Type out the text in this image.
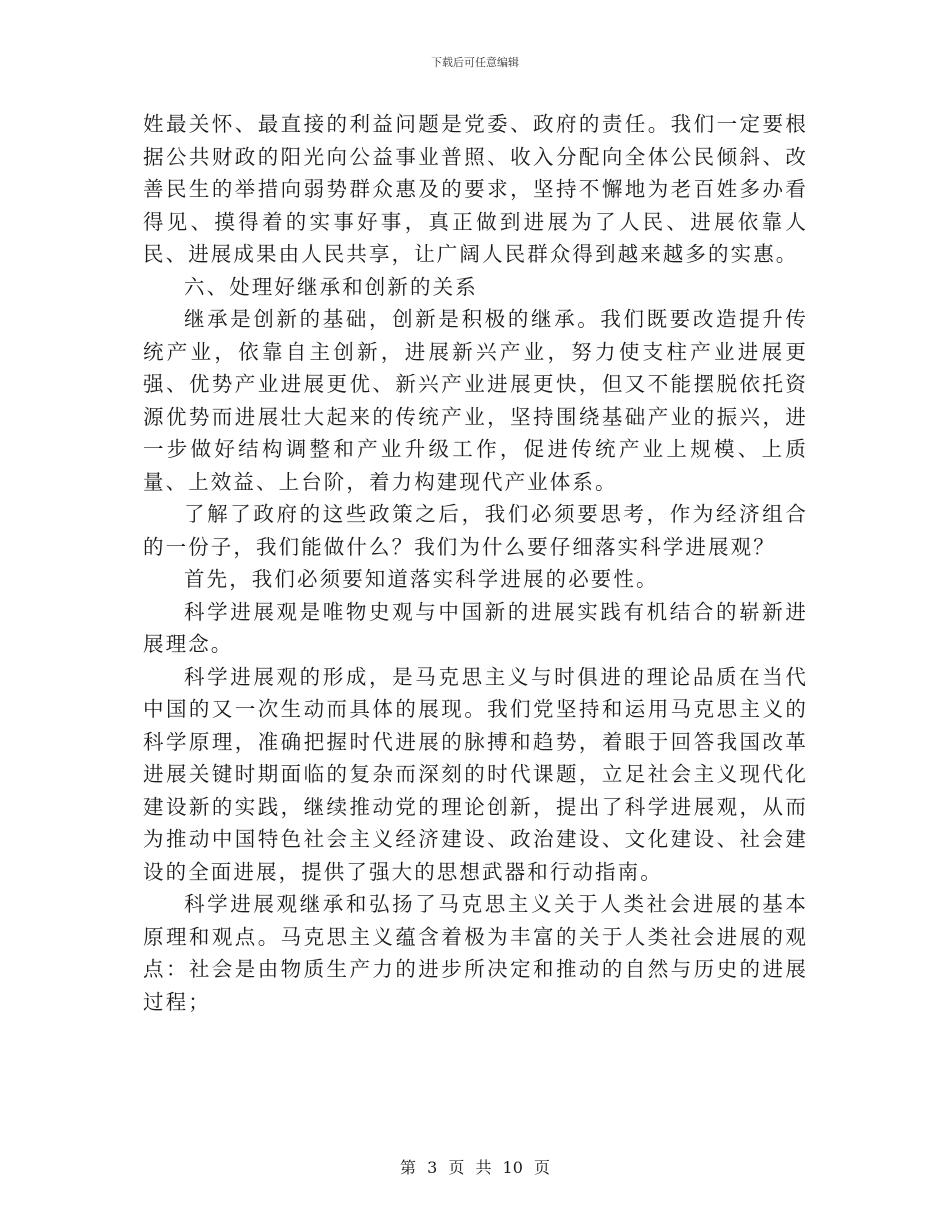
下载后可任意编辑

姓最关怀、最直接的利益问题是党委、政府的责任。我们一定要根据公共财政的阳光向公益事业普照、收入分配向全体公民倾斜、改善民生的举措向弱势群众惠及的要求，坚持不懈地为老百姓多办看得见、摸得着的实事好事，真正做到进展为了人民、进展依靠人民、进展成果由人民共享，让广阔人民群众得到越来越多的实惠。

六、处理好继承和创新的关系

继承是创新的基础，创新是积极的继承。我们既要改造提升传统产业，依靠自主创新，进展新兴产业，努力使支柱产业进展更强、优势产业进展更优、新兴产业进展更快，但又不能摆脱依托资源优势而进展壮大起来的传统产业，坚持围绕基础产业的振兴，进一步做好结构调整和产业升级工作，促进传统产业上规模、上质量、上效益、上台阶，着力构建现代产业体系。

了解了政府的这些政策之后，我们必须要思考，作为经济组合的一份子，我们能做什么？我们为什么要仔细落实科学进展观？

首先，我们必须要知道落实科学进展的必要性。

科学进展观是唯物史观与中国新的进展实践有机结合的崭新进展理念。

科学进展观的形成，是马克思主义与时俱进的理论品质在当代中国的又一次生动而具体的展现。我们党坚持和运用马克思主义的科学原理，准确把握时代进展的脉搏和趋势，着眼于回答我国改革进展关键时期面临的复杂而深刻的时代课题，立足社会主义现代化建设新的实践，继续推动党的理论创新，提出了科学进展观，从而为推动中国特色社会主义经济建设、政治建设、文化建设、社会建设的全面进展，提供了强大的思想武器和行动指南。

科学进展观继承和弘扬了马克思主义关于人类社会进展的基本原理和观点。马克思主义蕴含着极为丰富的关于人类社会进展的观点：社会是由物质生产力的进步所决定和推动的自然与历史的进展过程；

第 3 页 共 10 页
